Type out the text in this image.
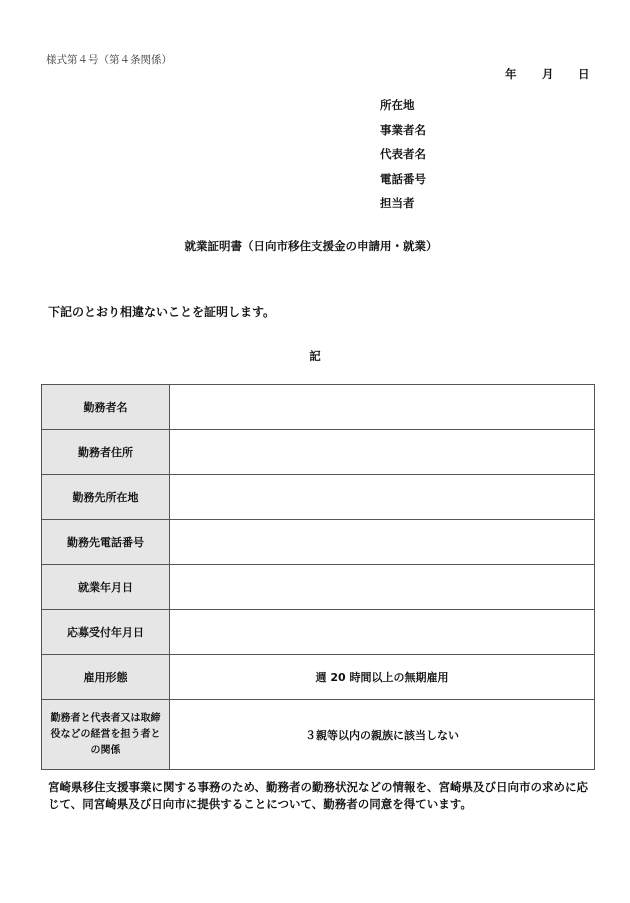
様式第４号（第４条関係）
年 月 日
所在地
事業者名
代表者名
電話番号
担当者
就業証明書（日向市移住支援金の申請用・就業）
下記のとおり相違ないことを証明します。
記
勤務者名	
勤務者住所	
勤務先所在地	
勤務先電話番号	
就業年月日	
応募受付年月日	
雇用形態	週 20 時間以上の無期雇用
勤務者と代表者又は取締役などの経営を担う者との関係	３親等以内の親族に該当しない
宮崎県移住支援事業に関する事務のため、勤務者の勤務状況などの情報を、宮崎県及び日向市の求めに応じて、同宮崎県及び日向市に提供することについて、勤務者の同意を得ています。
